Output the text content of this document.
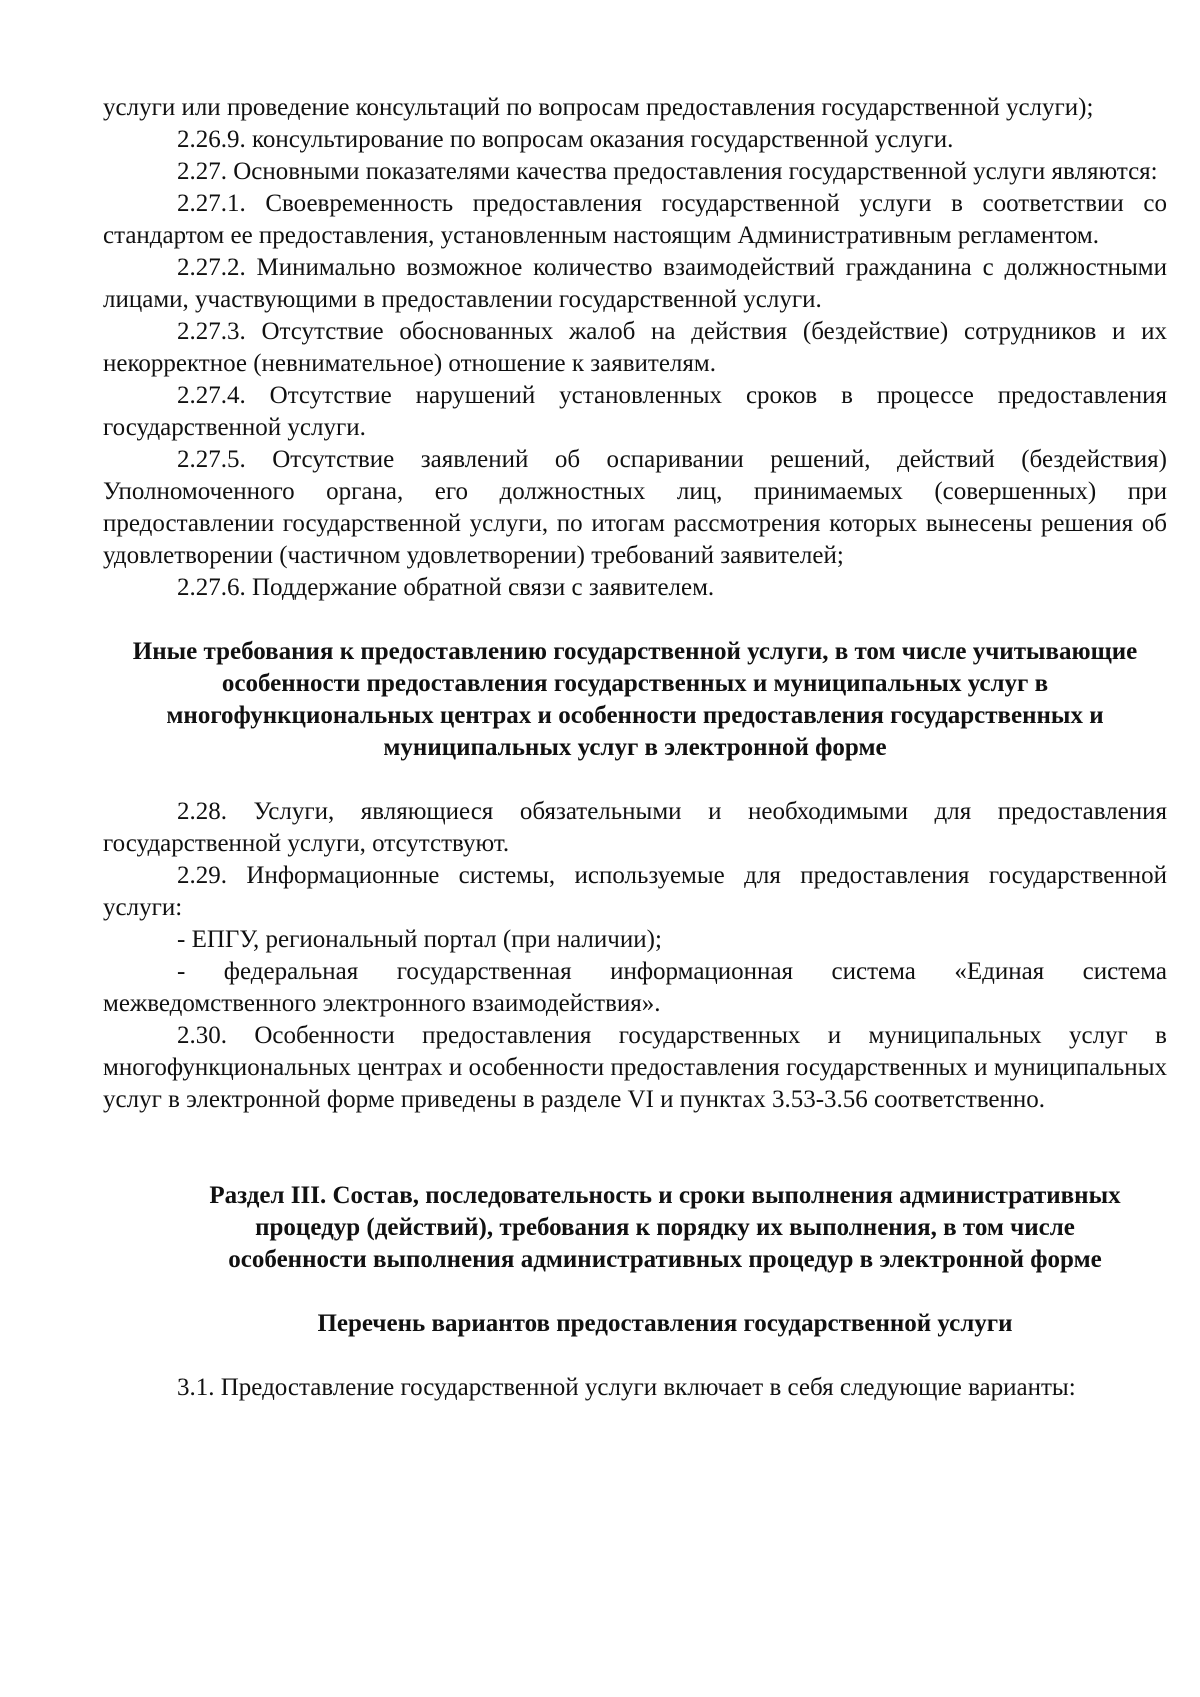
услуги или проведение консультаций по вопросам предоставления государственной услуги);

2.26.9. консультирование по вопросам оказания государственной услуги.

2.27. Основными показателями качества предоставления государственной услуги являются:

2.27.1. Своевременность предоставления государственной услуги в соответствии со стандартом ее предоставления, установленным настоящим Административным регламентом.

2.27.2. Минимально возможное количество взаимодействий гражданина с должностными лицами, участвующими в предоставлении государственной услуги.

2.27.3. Отсутствие обоснованных жалоб на действия (бездействие) сотрудников и их некорректное (невнимательное) отношение к заявителям.

2.27.4. Отсутствие нарушений установленных сроков в процессе предоставления государственной услуги.

2.27.5. Отсутствие заявлений об оспаривании решений, действий (бездействия) Уполномоченного органа, его должностных лиц, принимаемых (совершенных) при предоставлении государственной услуги, по итогам рассмотрения которых вынесены решения об удовлетворении (частичном удовлетворении) требований заявителей;

2.27.6. Поддержание обратной связи с заявителем.

Иные требования к предоставлению государственной услуги, в том числе учитывающие особенности предоставления государственных и муниципальных услуг в многофункциональных центрах и особенности предоставления государственных и муниципальных услуг в электронной форме

2.28. Услуги, являющиеся обязательными и необходимыми для предоставления государственной услуги, отсутствуют.

2.29. Информационные системы, используемые для предоставления государственной услуги:

- ЕПГУ, региональный портал (при наличии);

- федеральная государственная информационная система «Единая система межведомственного электронного взаимодействия».

2.30. Особенности предоставления государственных и муниципальных услуг в многофункциональных центрах и особенности предоставления государственных и муниципальных услуг в электронной форме приведены в разделе VI и пунктах 3.53-3.56 соответственно.

Раздел III. Состав, последовательность и сроки выполнения административных процедур (действий), требования к порядку их выполнения, в том числе особенности выполнения административных процедур в электронной форме

Перечень вариантов предоставления государственной услуги

3.1. Предоставление государственной услуги включает в себя следующие варианты:
